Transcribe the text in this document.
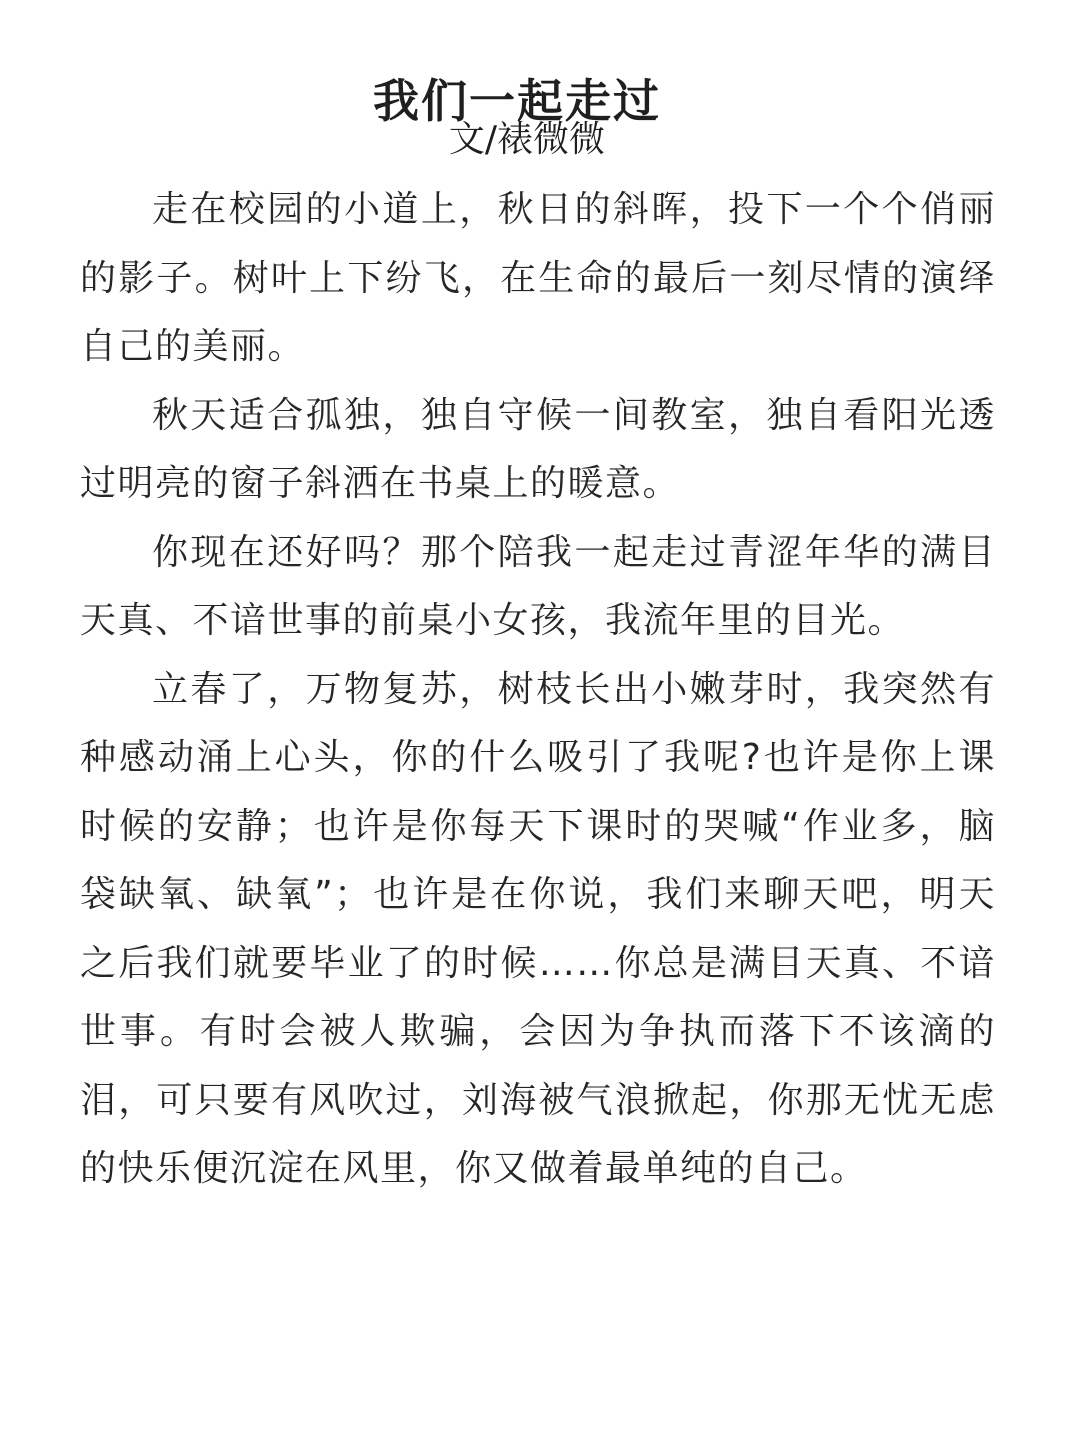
我们一起走过
文/裱微微

走在校园的小道上，秋日的斜晖，投下一个个俏丽的影子。树叶上下纷飞，在生命的最后一刻尽情的演绎自己的美丽。

秋天适合孤独，独自守候一间教室，独自看阳光透过明亮的窗子斜洒在书桌上的暖意。

你现在还好吗？那个陪我一起走过青涩年华的满目天真、不谙世事的前桌小女孩，我流年里的目光。

立春了，万物复苏，树枝长出小嫩芽时，我突然有种感动涌上心头，你的什么吸引了我呢?也许是你上课时候的安静；也许是你每天下课时的哭喊“作业多，脑袋缺氧、缺氧”；也许是在你说，我们来聊天吧，明天之后我们就要毕业了的时候……你总是满目天真、不谙世事。有时会被人欺骗，会因为争执而落下不该滴的泪，可只要有风吹过，刘海被气浪掀起，你那无忧无虑的快乐便沉淀在风里，你又做着最单纯的自己。
